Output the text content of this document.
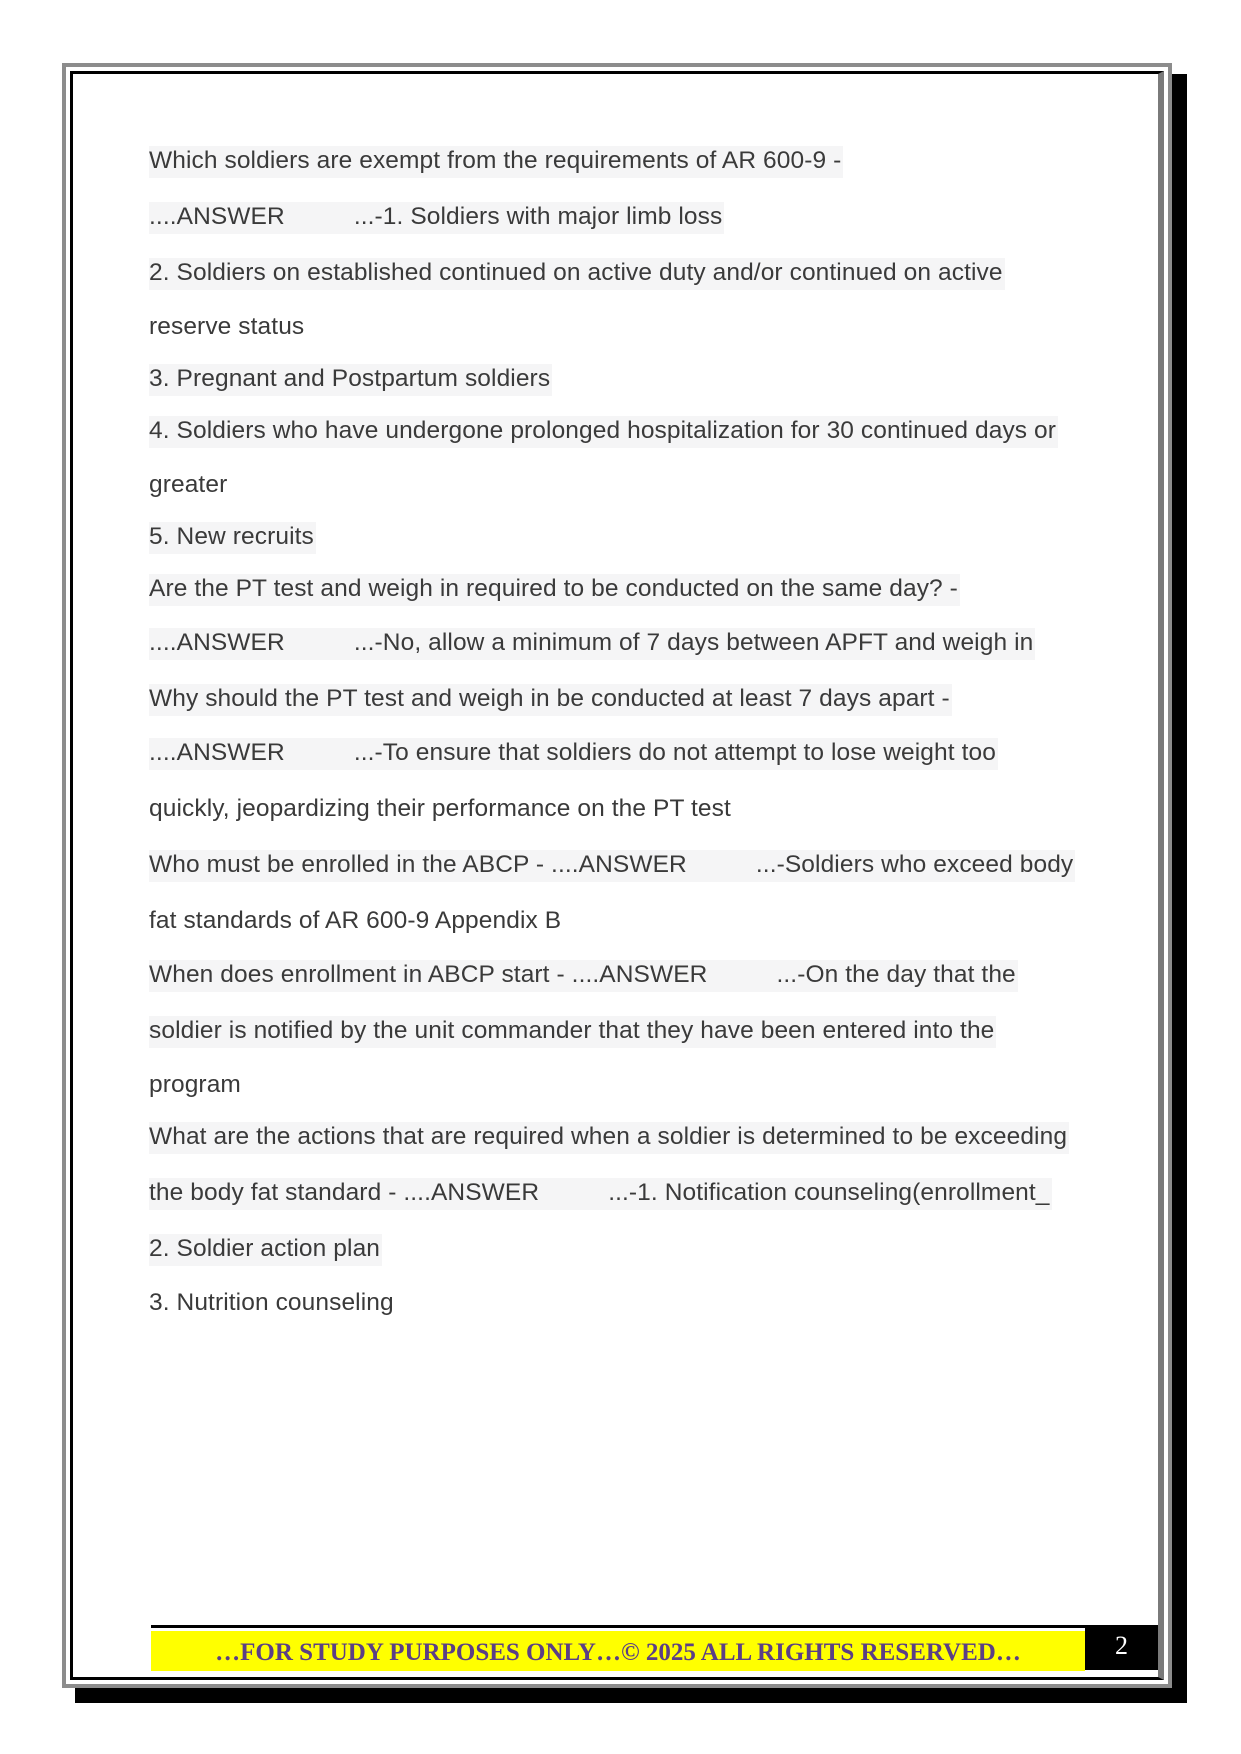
Which soldiers are exempt from the requirements of AR 600-9 -
....ANSWER          ...-1. Soldiers with major limb loss
2. Soldiers on established continued on active duty and/or continued on active
reserve status
3. Pregnant and Postpartum soldiers
4. Soldiers who have undergone prolonged hospitalization for 30 continued days or
greater
5. New recruits
Are the PT test and weigh in required to be conducted on the same day? -
....ANSWER          ...-No, allow a minimum of 7 days between APFT and weigh in
Why should the PT test and weigh in be conducted at least 7 days apart -
....ANSWER          ...-To ensure that soldiers do not attempt to lose weight too
quickly, jeopardizing their performance on the PT test
Who must be enrolled in the ABCP - ....ANSWER          ...-Soldiers who exceed body
fat standards of AR 600-9 Appendix B
When does enrollment in ABCP start - ....ANSWER          ...-On the day that the
soldier is notified by the unit commander that they have been entered into the
program
What are the actions that are required when a soldier is determined to be exceeding
the body fat standard - ....ANSWER          ...-1. Notification counseling(enrollment_
2. Soldier action plan
3. Nutrition counseling
…FOR STUDY PURPOSES ONLY…© 2025 ALL RIGHTS RESERVED…	2
